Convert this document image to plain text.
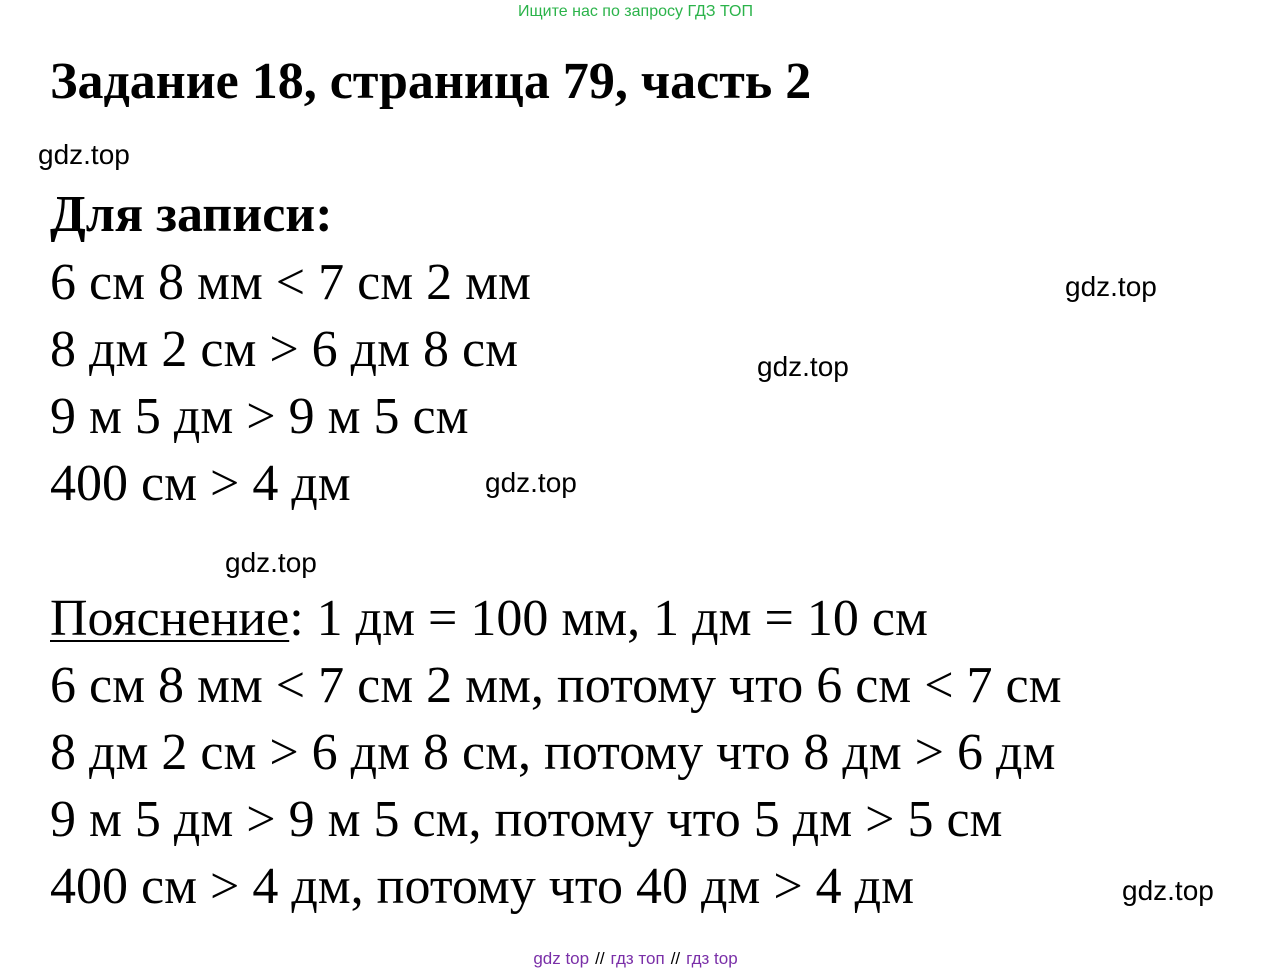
Ищите нас по запросу ГДЗ ТОП
Задание 18, страница 79, часть 2
gdz.top
Для записи:
6 см 8 мм < 7 см 2 мм
8 дм 2 см > 6 дм 8 см
9 м 5 дм > 9 м 5 см
400 см > 4 дм
gdz.top
gdz.top
gdz.top
gdz.top
Пояснение: 1 дм = 100 мм, 1 дм = 10 см
6 см 8 мм < 7 см 2 мм, потому что 6 см < 7 см
8 дм 2 см > 6 дм 8 см, потому что 8 дм > 6 дм
9 м 5 дм > 9 м 5 см, потому что 5 дм > 5 см
400 см > 4 дм, потому что 40 дм > 4 дм	gdz.top
gdz top // гдз топ // гдз top
